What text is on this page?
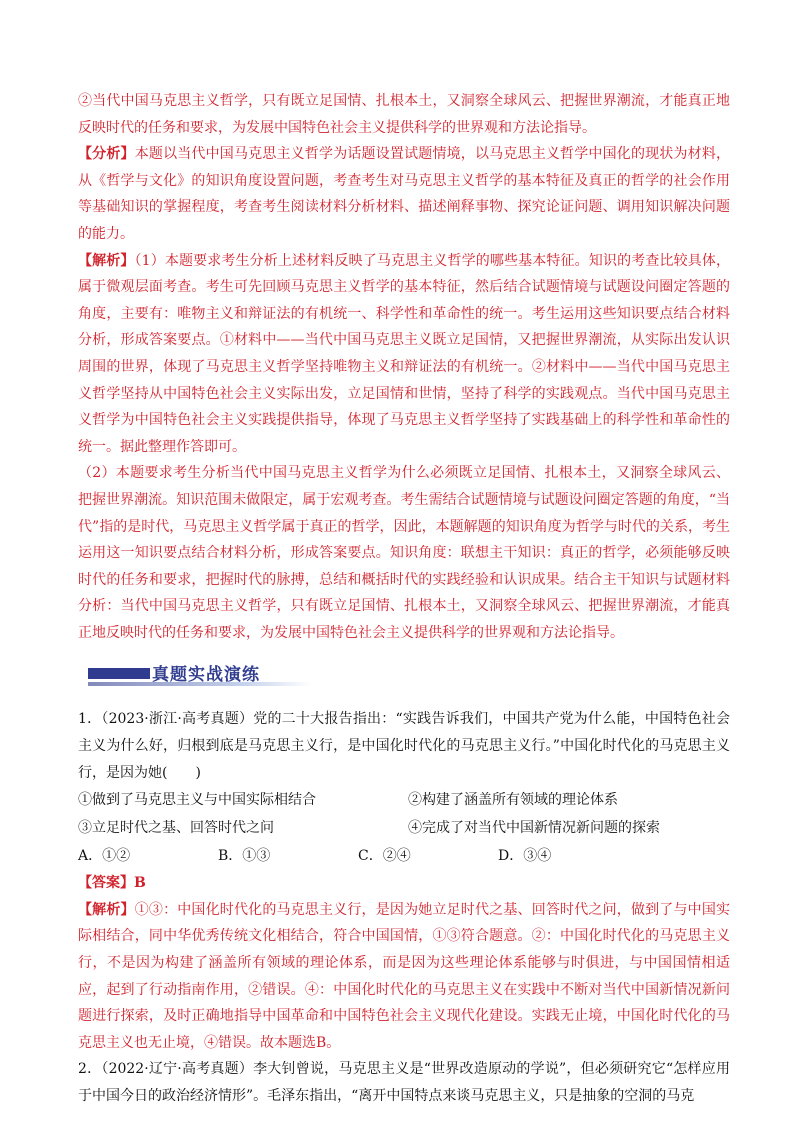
②当代中国马克思主义哲学，只有既立足国情、扎根本土，又洞察全球风云、把握世界潮流，才能真正地反映时代的任务和要求，为发展中国特色社会主义提供科学的世界观和方法论指导。

【分析】本题以当代中国马克思主义哲学为话题设置试题情境，以马克思主义哲学中国化的现状为材料，从《哲学与文化》的知识角度设置问题，考查考生对马克思主义哲学的基本特征及真正的哲学的社会作用等基础知识的掌握程度，考查考生阅读材料分析材料、描述阐释事物、探究论证问题、调用知识解决问题的能力。

【解析】（1）本题要求考生分析上述材料反映了马克思主义哲学的哪些基本特征。知识的考查比较具体，属于微观层面考查。考生可先回顾马克思主义哲学的基本特征，然后结合试题情境与试题设问圈定答题的角度，主要有：唯物主义和辩证法的有机统一、科学性和革命性的统一。考生运用这些知识要点结合材料分析，形成答案要点。①材料中——当代中国马克思主义既立足国情，又把握世界潮流，从实际出发认识周围的世界，体现了马克思主义哲学坚持唯物主义和辩证法的有机统一。②材料中——当代中国马克思主义哲学坚持从中国特色社会主义实际出发，立足国情和世情，坚持了科学的实践观点。当代中国马克思主义哲学为中国特色社会主义实践提供指导，体现了马克思主义哲学坚持了实践基础上的科学性和革命性的统一。据此整理作答即可。

（2）本题要求考生分析当代中国马克思主义哲学为什么必须既立足国情、扎根本土，又洞察全球风云、把握世界潮流。知识范围未做限定，属于宏观考查。考生需结合试题情境与试题设问圈定答题的角度，“当代”指的是时代，马克思主义哲学属于真正的哲学，因此，本题解题的知识角度为哲学与时代的关系，考生运用这一知识要点结合材料分析，形成答案要点。知识角度：联想主干知识：真正的哲学，必须能够反映时代的任务和要求，把握时代的脉搏，总结和概括时代的实践经验和认识成果。结合主干知识与试题材料分析：当代中国马克思主义哲学，只有既立足国情、扎根本土，又洞察全球风云、把握世界潮流，才能真正地反映时代的任务和要求，为发展中国特色社会主义提供科学的世界观和方法论指导。

真题实战演练

1．（2023·浙江·高考真题）党的二十大报告指出：“实践告诉我们，中国共产党为什么能，中国特色社会主义为什么好，归根到底是马克思主义行，是中国化时代化的马克思主义行。”中国化时代化的马克思主义行，是因为她(　　)

①做到了马克思主义与中国实际相结合	②构建了涵盖所有领域的理论体系
③立足时代之基、回答时代之问	④完成了对当代中国新情况新问题的探索
A．①②	B．①③	C．②④	D．③④

【答案】B

【解析】①③：中国化时代化的马克思主义行，是因为她立足时代之基、回答时代之问，做到了与中国实际相结合，同中华优秀传统文化相结合，符合中国国情，①③符合题意。②：中国化时代化的马克思主义行，不是因为构建了涵盖所有领域的理论体系，而是因为这些理论体系能够与时俱进，与中国国情相适应，起到了行动指南作用，②错误。④：中国化时代化的马克思主义在实践中不断对当代中国新情况新问题进行探索，及时正确地指导中国革命和中国特色社会主义现代化建设。实践无止境，中国化时代化的马克思主义也无止境，④错误。故本题选B。

2．（2022·辽宁·高考真题）李大钊曾说，马克思主义是“世界改造原动的学说”，但必须研究它“怎样应用于中国今日的政治经济情形”。毛泽东指出，“离开中国特点来谈马克思主义，只是抽象的空洞的马克
